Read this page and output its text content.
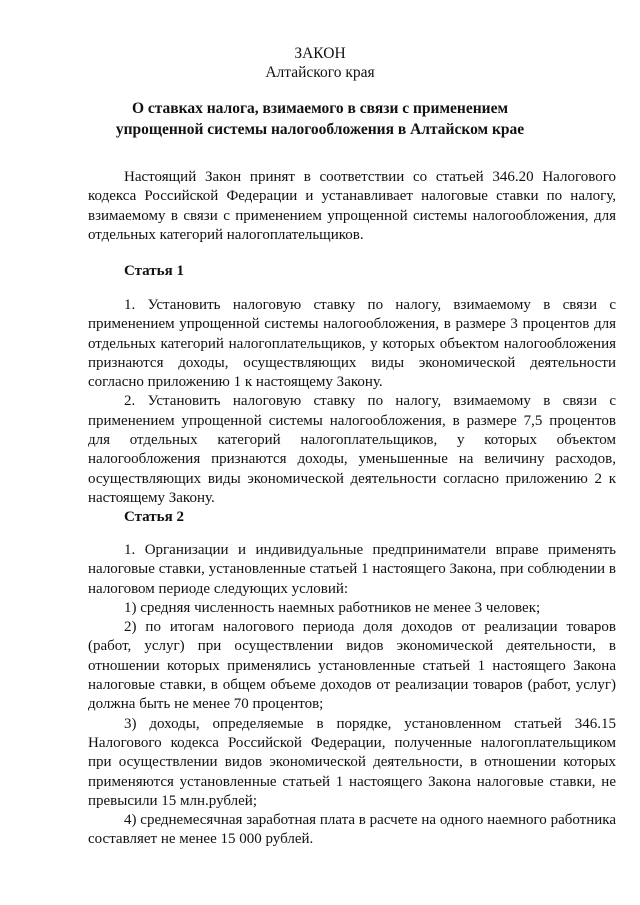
ЗАКОН
Алтайского края
О ставках налога, взимаемого в связи с применением
упрощенной системы налогообложения в Алтайском крае

Настоящий Закон принят в соответствии со статьей 346.20 Налогового кодекса Российской Федерации и устанавливает налоговые ставки по налогу, взимаемому в связи с применением упрощенной системы налогообложения, для отдельных категорий налогоплательщиков.

Статья 1

1. Установить налоговую ставку по налогу, взимаемому в связи с применением упрощенной системы налогообложения, в размере 3 процентов для отдельных категорий налогоплательщиков, у которых объектом налогообложения признаются доходы, осуществляющих виды экономической деятельности согласно приложению 1 к настоящему Закону.

2. Установить налоговую ставку по налогу, взимаемому в связи с применением упрощенной системы налогообложения, в размере 7,5 процентов для отдельных категорий налогоплательщиков, у которых объектом налогообложения признаются доходы, уменьшенные на величину расходов, осуществляющих виды экономической деятельности согласно приложению 2 к настоящему Закону.

Статья 2

1. Организации и индивидуальные предприниматели вправе применять налоговые ставки, установленные статьей 1 настоящего Закона, при соблюдении в налоговом периоде следующих условий:

1) средняя численность наемных работников не менее 3 человек;

2) по итогам налогового периода доля доходов от реализации товаров (работ, услуг) при осуществлении видов экономической деятельности, в отношении которых применялись установленные статьей 1 настоящего Закона налоговые ставки, в общем объеме доходов от реализации товаров (работ, услуг) должна быть не менее 70 процентов;

3) доходы, определяемые в порядке, установленном статьей 346.15 Налогового кодекса Российской Федерации, полученные налогоплательщиком при осуществлении видов экономической деятельности, в отношении которых применяются установленные статьей 1 настоящего Закона налоговые ставки, не превысили 15 млн.рублей;

4) среднемесячная заработная плата в расчете на одного наемного работника составляет не менее 15 000 рублей.
